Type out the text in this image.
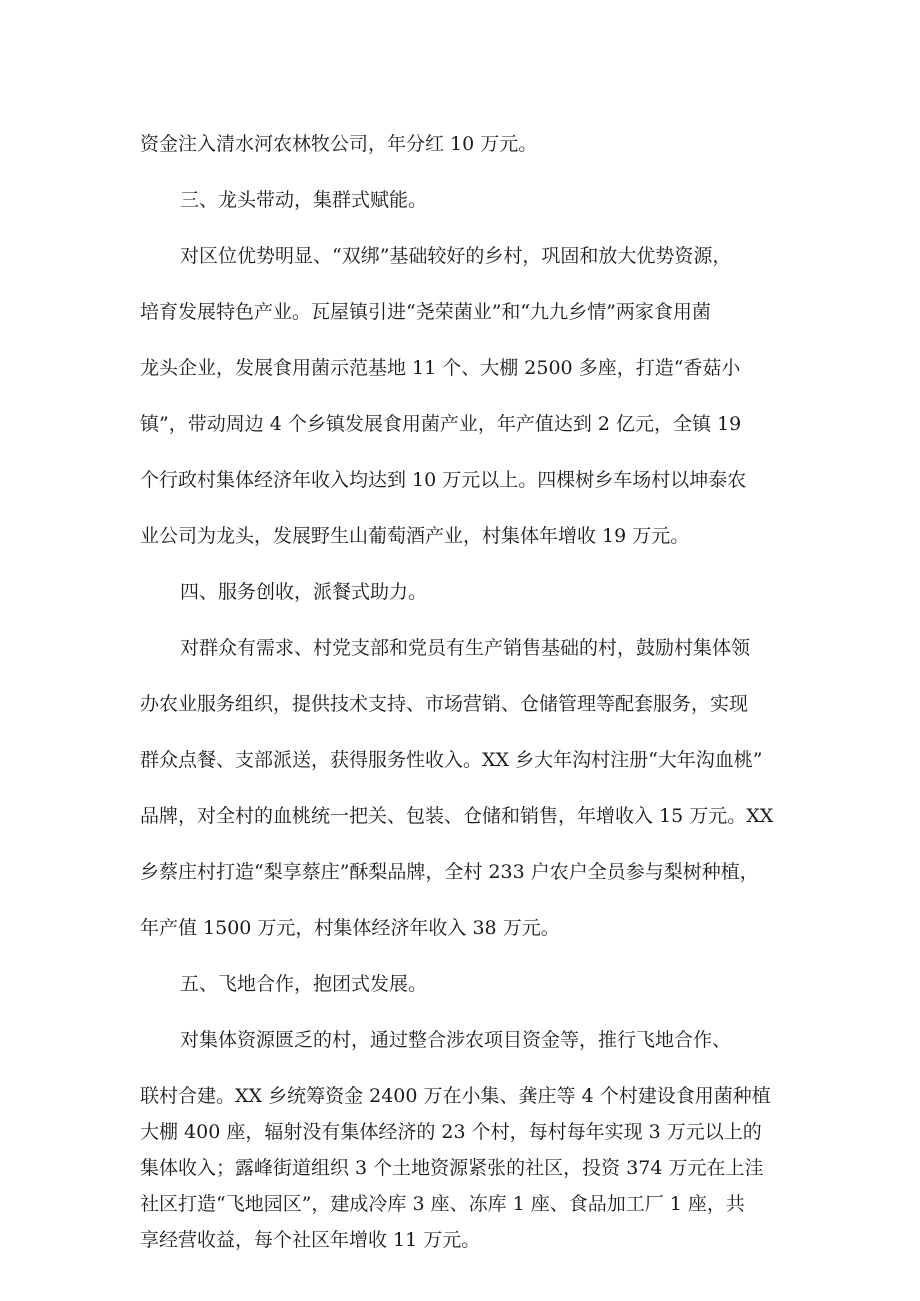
资金注入清水河农林牧公司，年分红 10 万元。
三、龙头带动，集群式赋能。
对区位优势明显、“双绑”基础较好的乡村，巩固和放大优势资源，
培育发展特色产业。瓦屋镇引进“尧荣菌业”和“九九乡情”两家食用菌
龙头企业，发展食用菌示范基地 11 个、大棚 2500 多座，打造“香菇小
镇”，带动周边 4 个乡镇发展食用菌产业，年产值达到 2 亿元，全镇 19
个行政村集体经济年收入均达到 10 万元以上。四棵树乡车场村以坤泰农
业公司为龙头，发展野生山葡萄酒产业，村集体年增收 19 万元。
四、服务创收，派餐式助力。
对群众有需求、村党支部和党员有生产销售基础的村，鼓励村集体领
办农业服务组织，提供技术支持、市场营销、仓储管理等配套服务，实现
群众点餐、支部派送，获得服务性收入。XX 乡大年沟村注册“大年沟血桃”
品牌，对全村的血桃统一把关、包装、仓储和销售，年增收入 15 万元。XX
乡蔡庄村打造“梨享蔡庄”酥梨品牌，全村 233 户农户全员参与梨树种植，
年产值 1500 万元，村集体经济年收入 38 万元。
五、飞地合作，抱团式发展。
对集体资源匮乏的村，通过整合涉农项目资金等，推行飞地合作、
联村合建。XX 乡统筹资金 2400 万在小集、龚庄等 4 个村建设食用菌种植
大棚 400 座，辐射没有集体经济的 23 个村，每村每年实现 3 万元以上的
集体收入；露峰街道组织 3 个土地资源紧张的社区，投资 374 万元在上洼
社区打造“飞地园区”，建成冷库 3 座、冻库 1 座、食品加工厂 1 座，共
享经营收益，每个社区年增收 11 万元。
